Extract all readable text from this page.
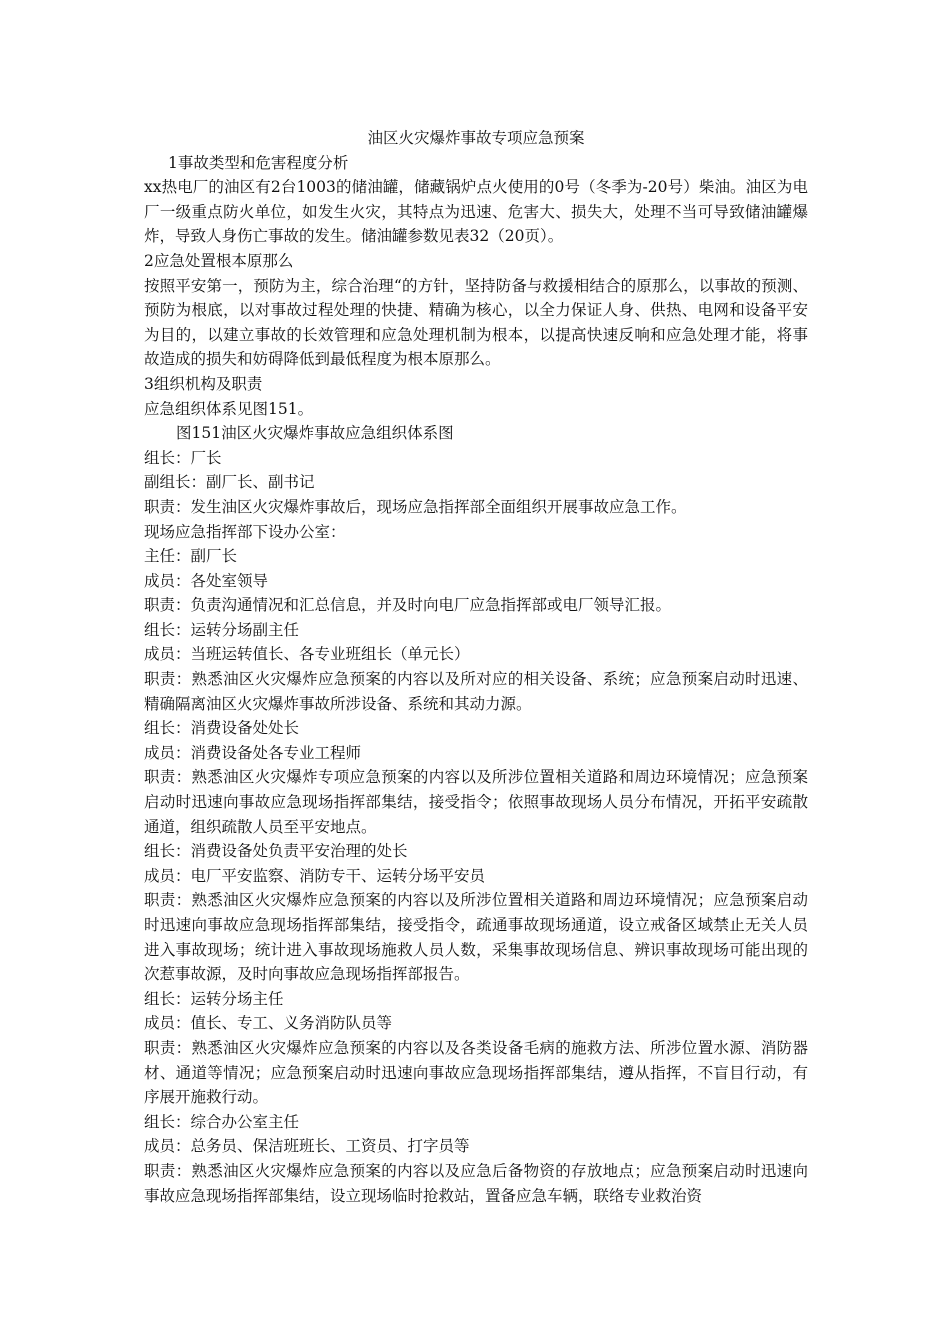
油区火灾爆炸事故专项应急预案

1事故类型和危害程度分析

xx热电厂的油区有2台1003的储油罐，储藏锅炉点火使用的0号（冬季为-20号）柴油。油区为电厂一级重点防火单位，如发生火灾，其特点为迅速、危害大、损失大，处理不当可导致储油罐爆炸，导致人身伤亡事故的发生。储油罐参数见表32（20页）。

2应急处置根本原那么

按照平安第一，预防为主，综合治理“的方针，坚持防备与救援相结合的原那么，以事故的预测、预防为根底，以对事故过程处理的快捷、精确为核心，以全力保证人身、供热、电网和设备平安为目的，以建立事故的长效管理和应急处理机制为根本，以提高快速反响和应急处理才能，将事故造成的损失和妨碍降低到最低程度为根本原那么。

3组织机构及职责

应急组织体系见图151。

图151油区火灾爆炸事故应急组织体系图

组长：厂长

副组长：副厂长、副书记

职责：发生油区火灾爆炸事故后，现场应急指挥部全面组织开展事故应急工作。

现场应急指挥部下设办公室：

主任：副厂长

成员：各处室领导

职责：负责沟通情况和汇总信息，并及时向电厂应急指挥部或电厂领导汇报。

组长：运转分场副主任

成员：当班运转值长、各专业班组长（单元长）

职责：熟悉油区火灾爆炸应急预案的内容以及所对应的相关设备、系统；应急预案启动时迅速、精确隔离油区火灾爆炸事故所涉设备、系统和其动力源。

组长：消费设备处处长

成员：消费设备处各专业工程师

职责：熟悉油区火灾爆炸专项应急预案的内容以及所涉位置相关道路和周边环境情况；应急预案启动时迅速向事故应急现场指挥部集结，接受指令；依照事故现场人员分布情况，开拓平安疏散通道，组织疏散人员至平安地点。

组长：消费设备处负责平安治理的处长

成员：电厂平安监察、消防专干、运转分场平安员

职责：熟悉油区火灾爆炸应急预案的内容以及所涉位置相关道路和周边环境情况；应急预案启动时迅速向事故应急现场指挥部集结，接受指令，疏通事故现场通道，设立戒备区域禁止无关人员进入事故现场；统计进入事故现场施救人员人数，采集事故现场信息、辨识事故现场可能出现的次惹事故源，及时向事故应急现场指挥部报告。

组长：运转分场主任

成员：值长、专工、义务消防队员等

职责：熟悉油区火灾爆炸应急预案的内容以及各类设备毛病的施救方法、所涉位置水源、消防器材、通道等情况；应急预案启动时迅速向事故应急现场指挥部集结，遵从指挥，不盲目行动，有序展开施救行动。

组长：综合办公室主任

成员：总务员、保洁班班长、工资员、打字员等

职责：熟悉油区火灾爆炸应急预案的内容以及应急后备物资的存放地点；应急预案启动时迅速向事故应急现场指挥部集结，设立现场临时抢救站，置备应急车辆，联络专业救治资
